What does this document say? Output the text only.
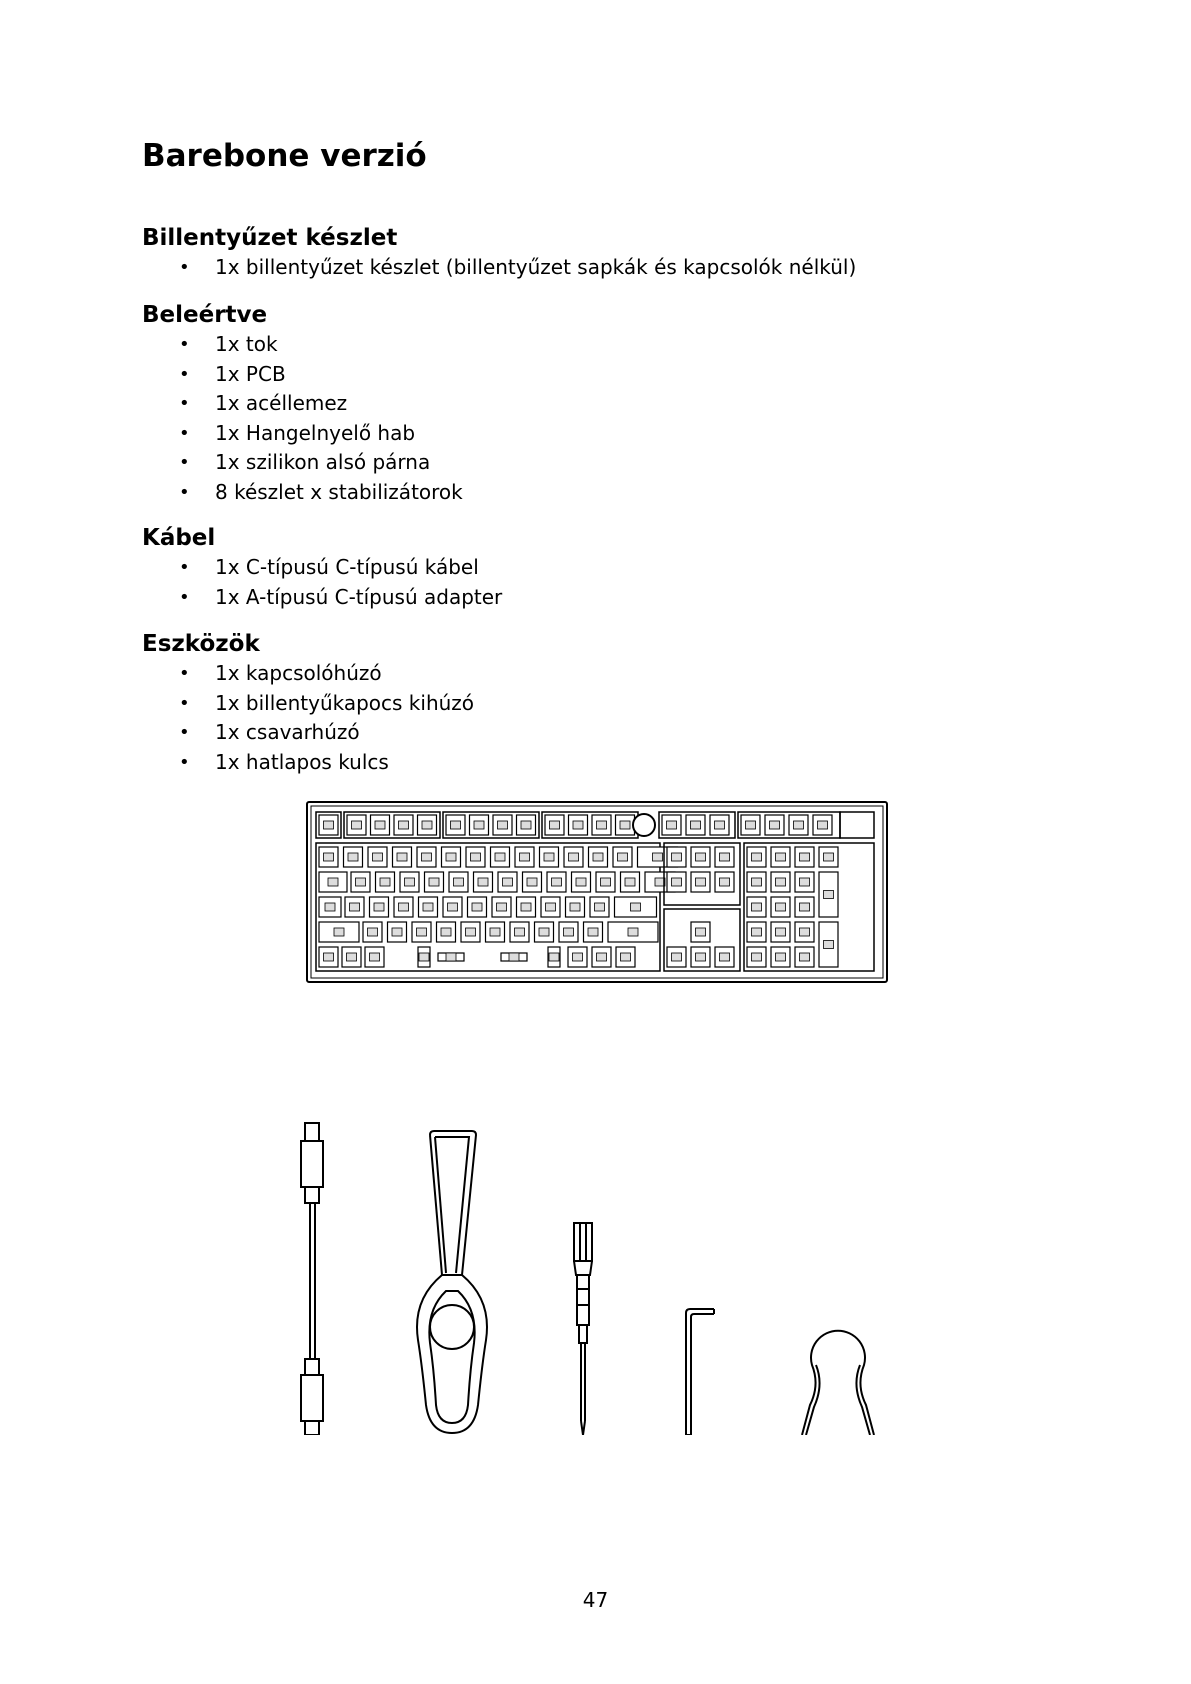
Barebone verzió
Billentyűzet készlet
• 1x billentyűzet készlet (billentyűzet sapkák és kapcsolók nélkül)
Beleértve
• 1x tok
• 1x PCB
• 1x acéllemez
• 1x Hangelnyelő hab
• 1x szilikon alsó párna
• 8 készlet x stabilizátorok
Kábel
• 1x C-típusú C-típusú kábel
• 1x A-típusú C-típusú adapter
Eszközök
• 1x kapcsolóhúzó
• 1x billentyűkapocs kihúzó
• 1x csavarhúzó
• 1x hatlapos kulcs

47
